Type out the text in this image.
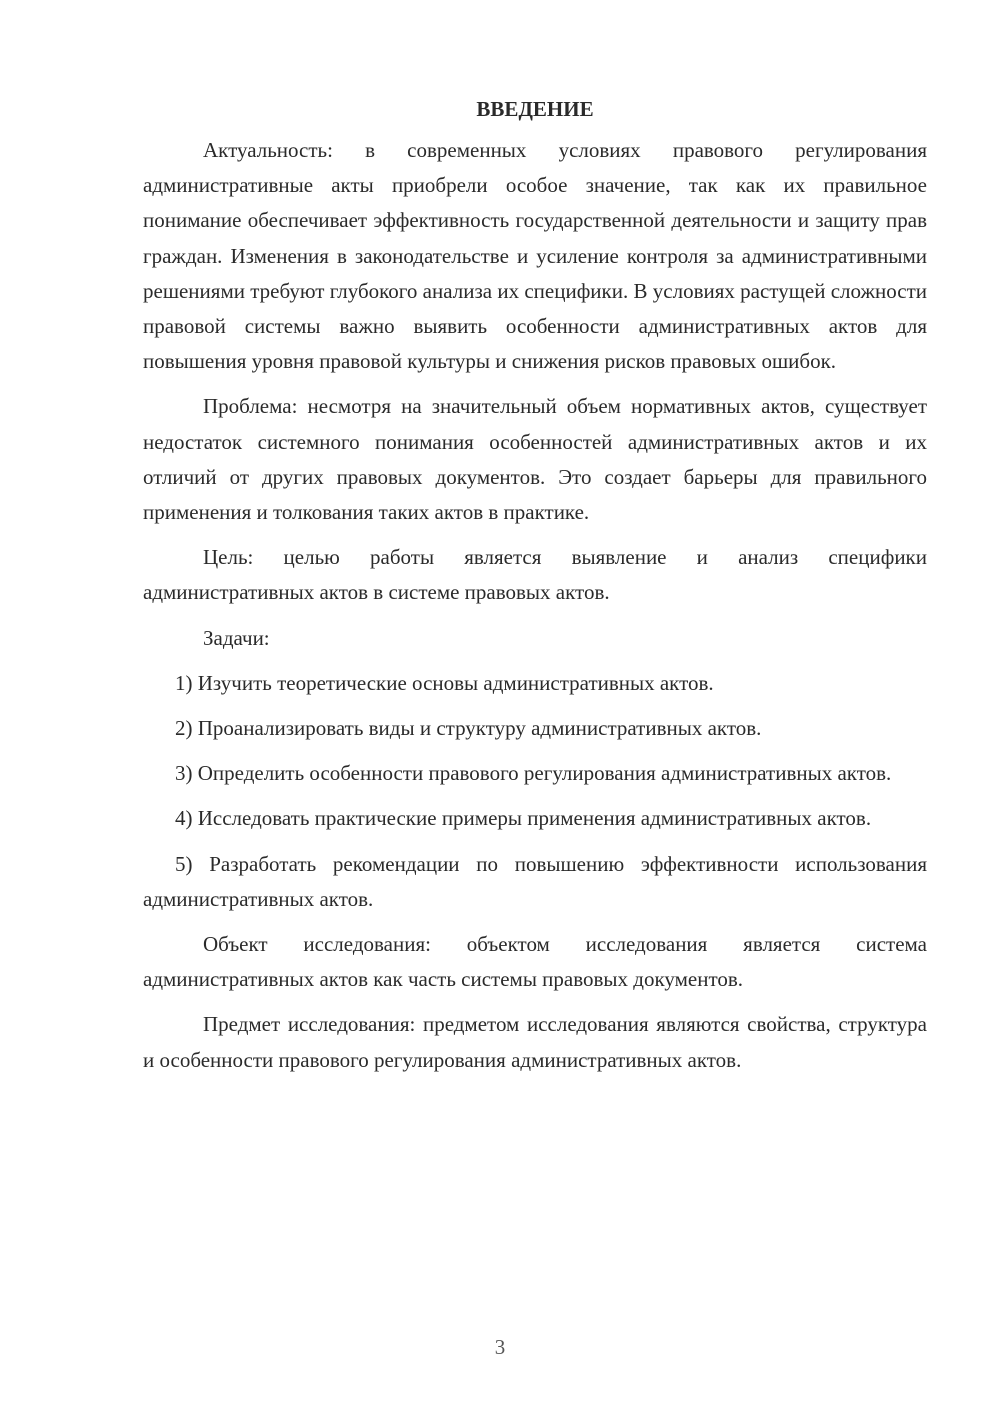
ВВЕДЕНИЕ

Актуальность: в современных условиях правового регулирования административные акты приобрели особое значение, так как их правильное понимание обеспечивает эффективность государственной деятельности и защиту прав граждан. Изменения в законодательстве и усиление контроля за административными решениями требуют глубокого анализа их специфики. В условиях растущей сложности правовой системы важно выявить особенности административных актов для повышения уровня правовой культуры и снижения рисков правовых ошибок.

Проблема: несмотря на значительный объем нормативных актов, существует недостаток системного понимания особенностей административных актов и их отличий от других правовых документов. Это создает барьеры для правильного применения и толкования таких актов в практике.

Цель: целью работы является выявление и анализ специфики административных актов в системе правовых актов.

Задачи:

1) Изучить теоретические основы административных актов.

2) Проанализировать виды и структуру административных актов.

3) Определить особенности правового регулирования административных актов.

4) Исследовать практические примеры применения административных актов.

5) Разработать рекомендации по повышению эффективности использования административных актов.

Объект исследования: объектом исследования является система административных актов как часть системы правовых документов.

Предмет исследования: предметом исследования являются свойства, структура и особенности правового регулирования административных актов.

3
